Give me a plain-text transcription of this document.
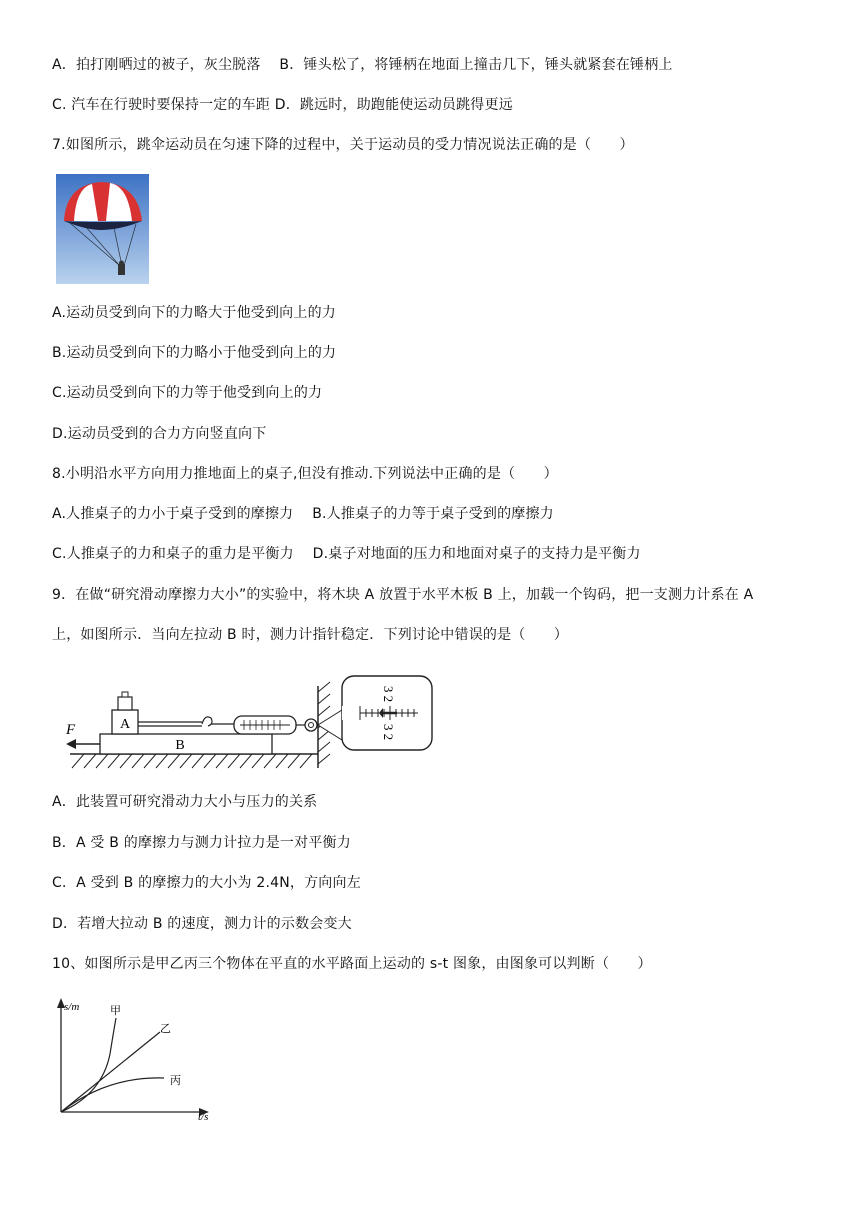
A．拍打刚晒过的被子，灰尘脱落　 B．锤头松了，将锤柄在地面上撞击几下，锤头就紧套在锤柄上
C. 汽车在行驶时要保持一定的车距 D．跳远时，助跑能使运动员跳得更远
7.如图所示，跳伞运动员在匀速下降的过程中，关于运动员的受力情况说法正确的是（　　）
A.运动员受到向下的力略大于他受到向上的力
B.运动员受到向下的力略小于他受到向上的力
C.运动员受到向下的力等于他受到向上的力
D.运动员受到的合力方向竖直向下
8.小明沿水平方向用力推地面上的桌子,但没有推动.下列说法中正确的是（　　）
A.人推桌子的力小于桌子受到的摩擦力　 B.人推桌子的力等于桌子受到的摩擦力
C.人推桌子的力和桌子的重力是平衡力　 D.桌子对地面的压力和地面对桌子的支持力是平衡力
9．在做“研究滑动摩擦力大小”的实验中，将木块 A 放置于水平木板 B 上，加载一个钩码，把一支测力计系在 A
上，如图所示．当向左拉动 B 时，测力计指针稳定．下列讨论中错误的是（　　）
B
A
F
3 2
3 2
A．此装置可研究滑动力大小与压力的关系
B．A 受 B 的摩擦力与测力计拉力是一对平衡力
C．A 受到 B 的摩擦力的大小为 2.4N，方向向左
D．若增大拉动 B 的速度，测力计的示数会变大
10、如图所示是甲乙丙三个物体在平直的水平路面上运动的 s-t 图象，由图象可以判断（　　）
s/m
t/s
甲
乙
丙
